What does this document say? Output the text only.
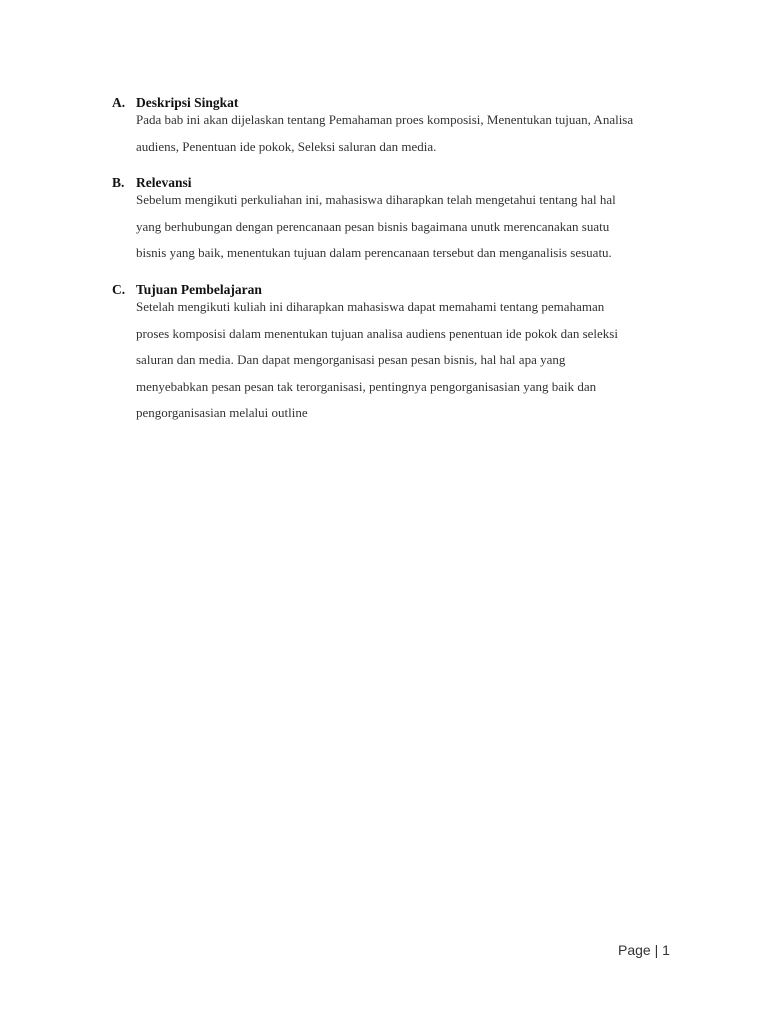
A. Deskripsi Singkat
Pada bab ini akan dijelaskan tentang Pemahaman proes komposisi, Menentukan tujuan, Analisa
audiens, Penentuan ide pokok, Seleksi saluran dan media.
B. Relevansi
Sebelum mengikuti perkuliahan ini, mahasiswa diharapkan telah mengetahui tentang hal hal
yang berhubungan dengan perencanaan pesan bisnis bagaimana unutk merencanakan suatu
bisnis yang baik, menentukan tujuan dalam perencanaan tersebut dan menganalisis sesuatu.
C. Tujuan Pembelajaran
Setelah mengikuti kuliah ini diharapkan mahasiswa dapat memahami tentang pemahaman
proses komposisi dalam menentukan tujuan analisa audiens penentuan ide pokok dan seleksi
saluran dan media. Dan dapat mengorganisasi pesan pesan bisnis, hal hal apa yang
menyebabkan pesan pesan tak terorganisasi, pentingnya pengorganisasian yang baik dan
pengorganisasian melalui outline
Page | 1
